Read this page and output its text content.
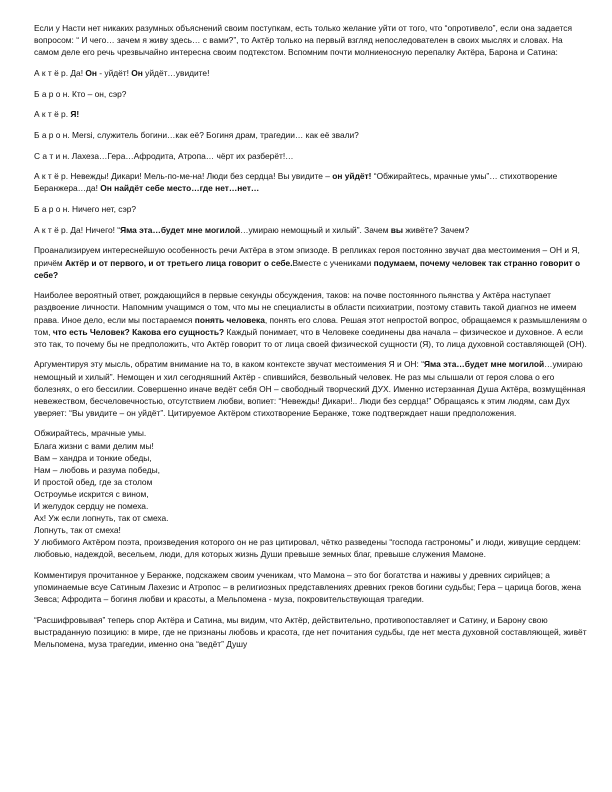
Если у Насти нет никаких разумных объяснений своим поступкам, есть только желание уйти от того, что “опротивело”, если она задается вопросом: “ И чего… зачем я живу здесь… с вами?”, то Актёр только на первый взгляд непоследователен в своих мыслях и словах. На самом деле его речь чрезвычайно интересна своим подтекстом. Вспомним почти молниеносную перепалку Актёра, Барона и Сатина:

А к т ё р. Да! Он - уйдёт! Он уйдёт…увидите!

Б а р о н. Кто – он, сэр?

А к т ё р. Я!

Б а р о н. Mersi, служитель богини…как её? Богиня драм, трагедии… как её звали?

С а т и н. Лахеза…Гера…Афродита, Атропа… чёрт их разберёт!…

А к т ё р. Невежды! Дикари! Мель-по-ме-на! Люди без сердца! Вы увидите – он уйдёт! “Обжирайтесь, мрачные умы”… стихотворение Беранжера…да! Он найдёт себе место…где нет…нет…

Б а р о н. Ничего нет, сэр?

А к т ё р. Да! Ничего! “Яма эта…будет мне могилой…умираю немощный и хилый”. Зачем вы живёте? Зачем?

Проанализируем интереснейшую особенность речи Актёра в этом эпизоде. В репликах героя постоянно звучат два местоимения – ОН и Я, причём Актёр и от первого, и от третьего лица говорит о себе.Вместе с учениками подумаем, почему человек так странно говорит о себе?

Наиболее вероятный ответ, рождающийся в первые секунды обсуждения, таков: на почве постоянного пьянства у Актёра наступает раздвоение личности. Напомним учащимся о том, что мы не специалисты в области психиатрии, поэтому ставить такой диагноз не имеем права. Иное дело, если мы постараемся понять человека, понять его слова. Решая этот непростой вопрос, обращаемся к размышлениям о том, что есть Человек? Какова его сущность? Каждый понимает, что в Человеке соединены два начала – физическое и духовное. А если это так, то почему бы не предположить, что Актёр говорит то от лица своей физической сущности (Я), то лица духовной составляющей (ОН).

Аргументируя эту мысль, обратим внимание на то, в каком контексте звучат местоимения Я и ОН: “Яма эта…будет мне могилой…умираю немощный и хилый”. Немощен и хил сегодняшний Актёр - спившийся, безвольный человек. Не раз мы слышали от героя слова о его болезнях, о его бессилии. Совершенно иначе ведёт себя ОН – свободный творческий ДУХ. Именно истерзанная Душа Актёра, возмущённая невежеством, бесчеловечностью, отсутствием любви, вопиет: “Невежды! Дикари!.. Люди без сердца!” Обращаясь к этим людям, сам Дух уверяет: “Вы увидите – он уйдёт”. Цитируемое Актёром стихотворение Беранже, тоже подтверждает наши предположения.

Обжирайтесь, мрачные умы.

Блага жизни с вами делим мы!

Вам – хандра и тонкие обеды,

Нам – любовь и разума победы,

И простой обед, где за столом

Остроумье искрится с вином,

И желудок сердцу не помеха.

Ах! Уж если лопнуть, так от смеха.

Лопнуть, так от смеха!

У любимого Актёром поэта, произведения которого он не раз цитировал, чётко разведены “господа гастрономы” и люди, живущие сердцем: любовью, надеждой, весельем, люди, для которых жизнь Души превыше земных благ, превыше служения Мамоне.

Комментируя прочитанное у Беранже, подскажем своим ученикам, что Мамона – это бог богатства и наживы у древних сирийцев; а упоминаемые всуе Сатиным Лахезис и Атропос – в религиозных представлениях древних греков богини судьбы; Гера – царица богов, жена Зевса; Афродита – богиня любви и красоты, а Мельпомена - муза, покровительствующая трагедии.

“Расшифровывая” теперь спор Актёра и Сатина, мы видим, что Актёр, действительно, противопоставляет и Сатину, и Барону свою выстраданную позицию: в мире, где не признаны любовь и красота, где нет почитания судьбы, где нет места духовной составляющей, живёт Мельпомена, муза трагедии, именно она “ведёт” Душу
